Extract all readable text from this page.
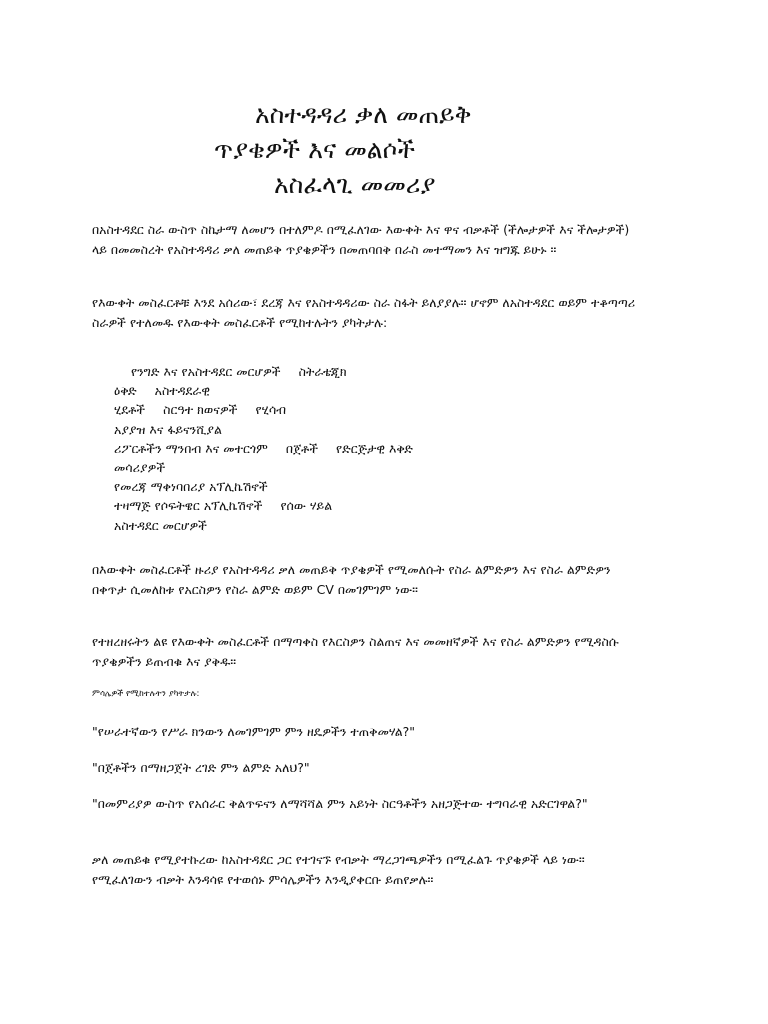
አስተዳዳሪ ቃለ መጠይቅ
ጥያቄዎች እና መልሶች
አስፈላጊ መመሪያ
በአስተዳደር ስራ ውስጥ ስኬታማ ለመሆን በተለምዶ በሚፈለገው እውቀት እና ዋና ብቃቶች (ችሎታዎች እና ችሎታዎች)
ላይ በመመስረት የአስተዳዳሪ ቃለ መጠይቅ ጥያቄዎችን በመጠባበቅ በራስ መተማመን እና ዝግጁ ይሁኑ ።
የእውቀት መስፈርቶቹ እንደ አሰሪው፣ ደረጃ እና የአስተዳዳሪው ስራ ስፋት ይለያያሉ። ሆኖም ለአስተዳደር ወይም ተቆጣጣሪ
ስራዎች የተለመዱ የእውቀት መስፈርቶች የሚከተሉትን ያካትታሉ:
የንግድ እና የአስተዳደር መርሆዎች ስትራቴጂክ
ዕቅድ አስተዳደራዊ
ሂደቶች ስርዓተ ክወናዎች የሂሳብ
አያያዝ እና ፋይናንሺያል
ሪፖርቶችን ማንበብ እና መተርጎም በጀቶች የድርጅታዊ እቅድ
መሳሪያዎች
የመረጃ ማቀነባበሪያ አፕሊኬሽኖች
ተዛማጅ የሶፍትዌር አፕሊኬሽኖች የሰው ሃይል
አስተዳደር መርሆዎች
በእውቀት መስፈርቶች ዙሪያ የአስተዳዳሪ ቃለ መጠይቅ ጥያቄዎች የሚመለሱት የስራ ልምድዎን እና የስራ ልምድዎን
በቀጥታ ሲመለከቱ የአርስዎን የስራ ልምድ ወይም CV በመገምገም ነው።
የተዘረዘሩትን ልዩ የእውቀት መስፈርቶች በማጣቀስ የእርስዎን ስልጠና እና መመዘኛዎች እና የስራ ልምድዎን የሚዳስሱ
ጥያቄዎችን ይጠብቁ እና ያቅዱ።
ምሳሌዎች የሚከተሉትን ያካትታሉ:
"የሠራተኛውን የሥራ ክንውን ለመገምገም ምን ዘዴዎችን ተጠቅመሃል?"
"በጀቶችን በማዘጋጀት ረገድ ምን ልምድ አለህ?"
"በመምሪያዎ ውስጥ የአሰራር ቅልጥፍናን ለማሻሻል ምን አይነት ስርዓቶችን አዘጋጅተው ተግባራዊ አድርገዋል?"
ቃለ መጠይቁ የሚያተኩረው ከአስተዳደር ጋር የተገናኙ የብቃት ማረጋገጫዎችን በሚፈልጉ ጥያቄዎች ላይ ነው።
የሚፈለገውን ብቃት እንዳሳዩ የተወሰኑ ምሳሌዎችን እንዲያቀርቡ ይጠየቃሉ።
